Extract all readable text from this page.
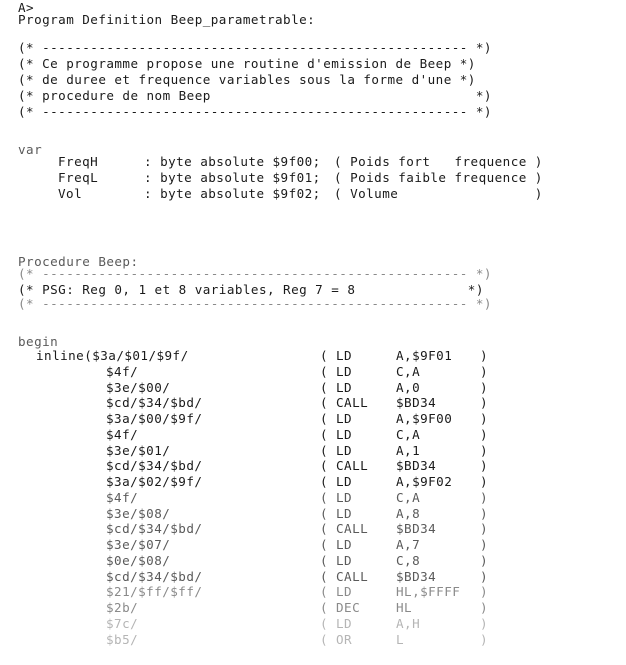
A>
Program Definition Beep_parametrable:
(* ----------------------------------------------------- *)
(* Ce programme propose une routine d'emission de Beep *)
(* de duree et frequence variables sous la forme d'une *)
(* procedure de nom Beep                                 *)
(* ----------------------------------------------------- *)
var
FreqH	: byte absolute $9f00; ( Poids fort   frequence )
FreqL	: byte absolute $9f01; ( Poids faible frequence )
Vol	: byte absolute $9f02; ( Volume                 )
Procedure Beep:
(* ----------------------------------------------------- *)
(* PSG: Reg 0, 1 et 8 variables, Reg 7 = 8              *)
(* ----------------------------------------------------- *)
begin
inline($3a/$01/$9f/	( LD	A,$9F01 )
$4f/	( LD	C,A	)
$3e/$00/	( LD	A,0	)
$cd/$34/$bd/	( CALL $BD34	)
$3a/$00/$9f/	( LD	A,$9F00 )
$4f/	( LD	C,A	)
$3e/$01/	( LD	A,1	)
$cd/$34/$bd/	( CALL $BD34	)
$3a/$02/$9f/	( LD	A,$9F02 )
$4f/	( LD	C,A	)
$3e/$08/	( LD	A,8	)
$cd/$34/$bd/	( CALL $BD34	)
$3e/$07/	( LD	A,7	)
$0e/$08/	( LD	C,8	)
$cd/$34/$bd/	( CALL $BD34	)
$21/$ff/$ff/	( LD	HL,$FFFF )
$2b/	( DEC	HL	)
$7c/	( LD	A,H	)
$b5/	( OR	L	)
